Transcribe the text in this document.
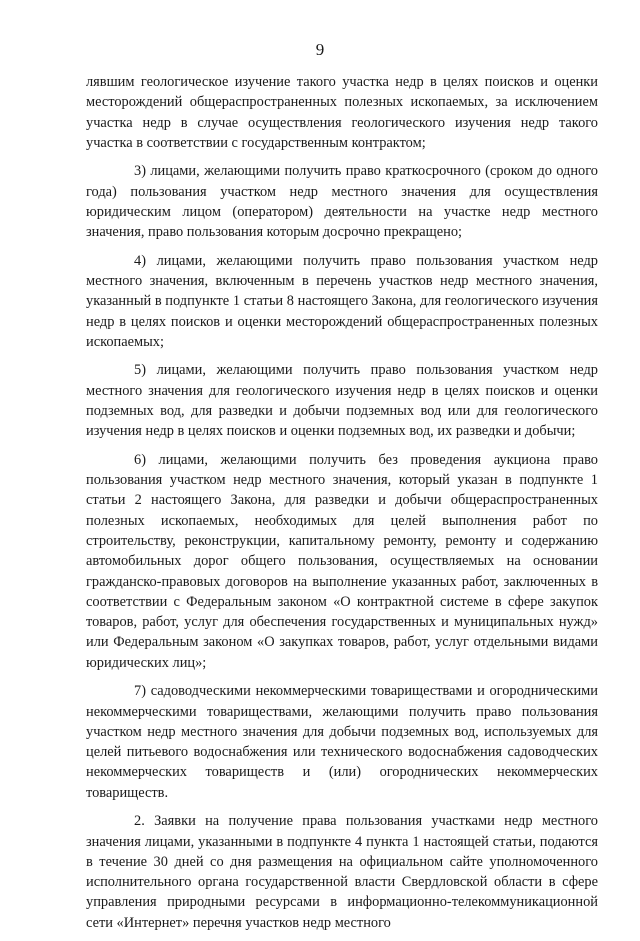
9

лявшим геологическое изучение такого участка недр в целях поисков и оценки месторождений общераспространенных полезных ископаемых, за исключением участка недр в случае осуществления геологического изучения недр такого участка в соответствии с государственным контрактом;

3) лицами, желающими получить право краткосрочного (сроком до одного года) пользования участком недр местного значения для осуществления юридическим лицом (оператором) деятельности на участке недр местного значения, право пользования которым досрочно прекращено;

4) лицами, желающими получить право пользования участком недр местного значения, включенным в перечень участков недр местного значения, указанный в подпункте 1 статьи 8 настоящего Закона, для геологического изучения недр в целях поисков и оценки месторождений общераспространенных полезных ископаемых;

5) лицами, желающими получить право пользования участком недр местного значения для геологического изучения недр в целях поисков и оценки подземных вод, для разведки и добычи подземных вод или для геологического изучения недр в целях поисков и оценки подземных вод, их разведки и добычи;

6) лицами, желающими получить без проведения аукциона право пользования участком недр местного значения, который указан в подпункте 1 статьи 2 настоящего Закона, для разведки и добычи общераспространенных полезных ископаемых, необходимых для целей выполнения работ по строительству, реконструкции, капитальному ремонту, ремонту и содержанию автомобильных дорог общего пользования, осуществляемых на основании гражданско-правовых договоров на выполнение указанных работ, заключенных в соответствии с Федеральным законом «О контрактной системе в сфере закупок товаров, работ, услуг для обеспечения государственных и муниципальных нужд» или Федеральным законом «О закупках товаров, работ, услуг отдельными видами юридических лиц»;

7) садоводческими некоммерческими товариществами и огородническими некоммерческими товариществами, желающими получить право пользования участком недр местного значения для добычи подземных вод, используемых для целей питьевого водоснабжения или технического водоснабжения садоводческих некоммерческих товариществ и (или) огороднических некоммерческих товариществ.

2. Заявки на получение права пользования участками недр местного значения лицами, указанными в подпункте 4 пункта 1 настоящей статьи, подаются в течение 30 дней со дня размещения на официальном сайте уполномоченного исполнительного органа государственной власти Свердловской области в сфере управления природными ресурсами в информационно-телекоммуникационной сети «Интернет» перечня участков недр местного
